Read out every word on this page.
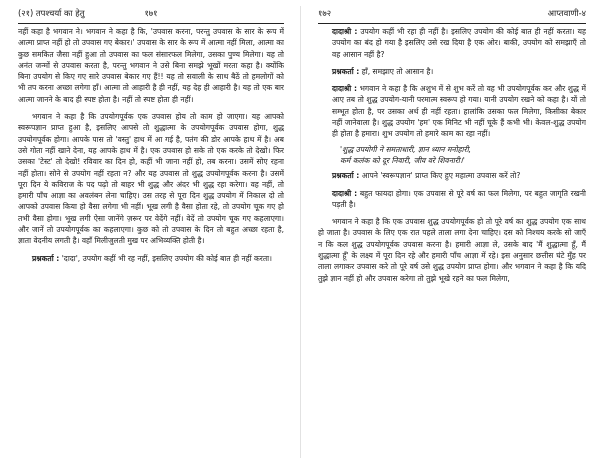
(२१) तपश्चर्या का हेतु	१७१

नहीं कहा है भगवान ने। भगवान ने कहा है कि, 'उपवास करना, परन्तु उपवास के सार के रूप में आत्मा प्राप्त नहीं हो तो उपवास गए बेकार।' उपवास के सार के रूप में आत्मा नहीं मिला, आत्मा का कुछ समकित जैसा नहीं हुआ तो उपवास का फल संसारफल मिलेगा, उसका पुण्य मिलेगा। यह तो अनंत जन्मों से उपवास करता है, परन्तु भगवान ने उसे बिना समझे भूखों मरता कहा है। क्योंकि बिना उपयोग से किए गए सारे उपवास बेकार गए हैं!! यह तो सवाली के साथ बैठें तो हमलोगों को भी तप करना अच्छा लगेगा हाँ। आत्मा तो आहारी है ही नहीं, यह देह ही आहारी है। यह तो एक बार आत्मा जानने के बाद ही स्पष्ट होता है। नहीं तो स्पष्ट होता ही नहीं।

भगवान ने कहा है कि उपयोगपूर्वक एक उपवास होय तो काम हो जाएगा। यह आपको स्वरूपज्ञान प्राप्त हुआ है, इसलिए आपसे तो शुद्धात्मा के उपयोगपूर्वक उपवास होगा, शुद्ध उपयोगपूर्वक होगा। आपके पास तो 'वस्तु' हाथ में आ गई है, पतंग की डोर आपके हाथ में है। अब उसे गोता नहीं खाने देना, यह आपके हाथ में है। एक उपवास हो सके तो एक करके तो देखो। फिर उसका 'टेस्ट' तो देखो! रविवार का दिन हो, कहीं भी जाना नहीं हो, तब करना। उसमें सोए रहना नहीं होता। सोने से उपयोग नहीं रहता न? और यह उपवास तो शुद्ध उपयोगपूर्वक करना है। उसमें पूरा दिन ये कविराज के पद पढ़ो तो बाहर भी शुद्ध और अंदर भी शुद्ध रहा करेगा। वह नहीं, तो हमारी पाँच आज्ञा का अवलंबन लेना चाहिए। उस तरह से पूरा दिन शुद्ध उपयोग में निकाल दो तो आपको उपवास किया हो वैसा लगेगा भी नहीं। भूख लगी है वैसा होता रहे, तो उपयोग चूक गए हो तभी वैसा होगा। भूख लगी ऐसा जानेंगे ज़रूर पर वेदेंगे नहीं। वेदें तो उपयोग चूक गए कहलाएगा। और जानें तो उपयोगपूर्वक का कहलाएगा। कुछ को तो उपवास के दिन तो बहुत अच्छा रहता है, ज्ञाता वेदनीय लगती है। वहाँ मिलीजुलती मुख पर अभिव्यक्ति होती है।

प्रश्नकर्ता : 'दादा', उपयोग कहीं भी रह नहीं, इसलिए उपयोग की कोई बात ही नहीं करता।

१७२	आप्तवाणी-४

दादाश्री : उपयोग कहीं भी रहा ही नहीं है। इसलिए उपयोग की कोई बात ही नहीं करता। यह उपयोग का बंद हो गया है इसलिए उसे रख दिया है एक ओर। बाकी, उपयोग को समझाएँ तो वह आसान नहीं है?

प्रश्नकर्ता : हाँ, समझाए तो आसान है।

दादाश्री : भगवान ने कहा है कि अशुभ में से शुभ करें तो वह भी उपयोगपूर्वक कर और शुद्ध में आए तब तो शुद्ध उपयोग-यानी परमात्म स्वरूप हो गया। यानी उपयोग रखने को कहा है। यों तो सम्भूत होता है, पर उसका अर्थ ही नहीं रहता। हालांकि उसका फल मिलेगा, किसीका बेकार नहीं जानेवाला है। शुद्ध उपयोग 'हम' एक मिनिट भी नहीं चूके हैं कभी भी। केवल-शुद्ध उपयोग ही होता है हमारा। शुभ उपयोग तो हमारे काम का रहा नहीं।

'शुद्ध उपयोगी ने समताधारी, ज्ञान ध्यान मनोहारी,
कर्म कलंक को दूर निवारी, जीव वरे शिवनारी।'

प्रश्नकर्ता : आपने 'स्वरूपज्ञान' प्राप्त किए हुए महात्मा उपवास करें तो?

दादाश्री : बहुत फायदा होगा। एक उपवास से पूरे वर्ष का फल मिलेगा, पर बहुत जागृति रखनी पड़ती है।

भगवान ने कहा है कि एक उपवास शुद्ध उपयोगपूर्वक हो तो पूरे वर्ष का शुद्ध उपयोग एक साथ हो जाता है। उपवास के लिए एक रात पहले ताला लगा देना चाहिए। दस को निश्चय करके सो जाएँ न कि कल शुद्ध उपयोगपूर्वक उपवास करना है। हमारी आज्ञा ले, उसके बाद 'मैं शुद्धात्मा हूँ, मैं शुद्धात्मा हूँ' के लक्ष्य में पूरा दिन रहे और हमारी पाँच आज्ञा में रहे। इस अनुसार छत्तीस घंटे मुँह पर ताला लगाकर उपवास करे तो पूरे वर्ष उसे शुद्ध उपयोग प्राप्त होगा। और भगवान ने कहा है कि यदि तुझे ज्ञान नहीं हो और उपवास करेगा तो तुझे भूखे रहने का फल मिलेगा,
